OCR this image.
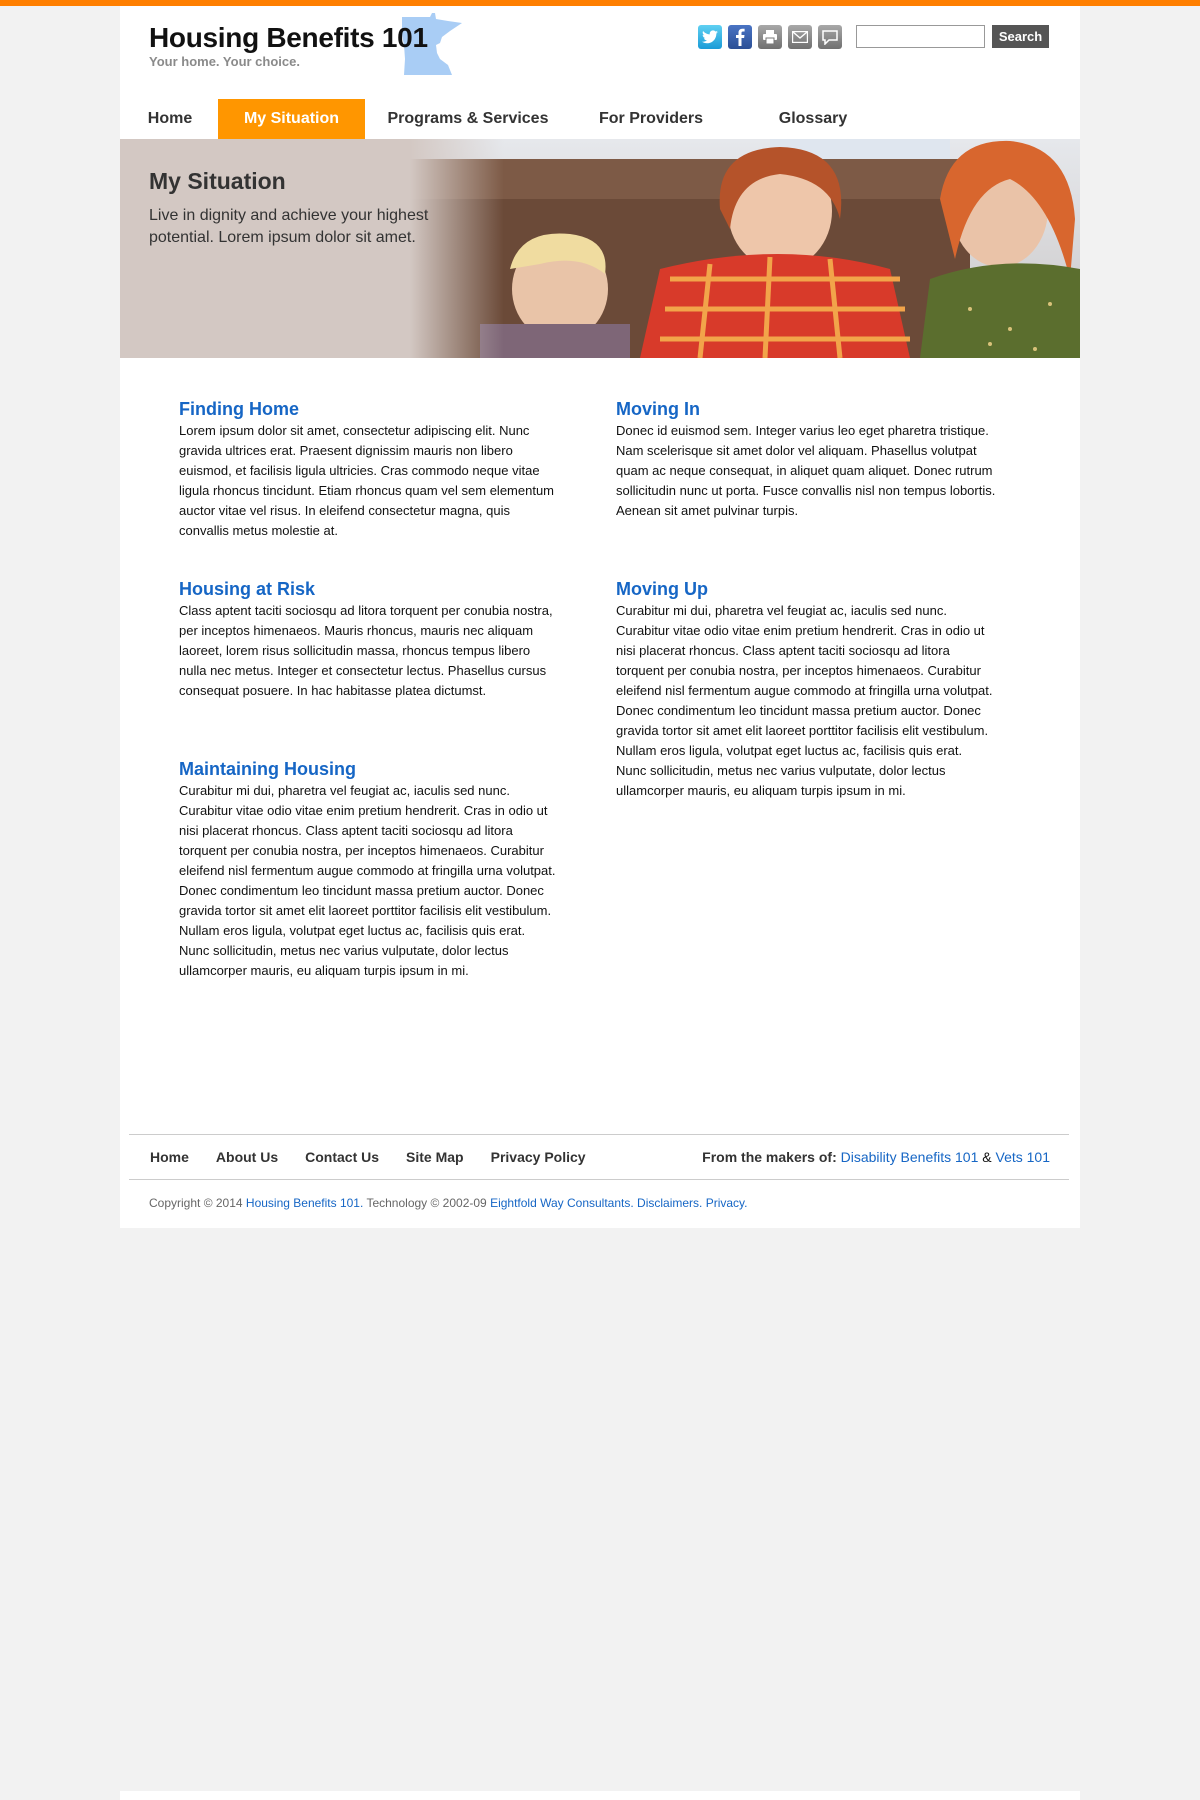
Housing Benefits 101
Your home. Your choice.
Search
Home	My Situation	Programs & Services	For Providers	Glossary
My Situation
Live in dignity and achieve your highest potential. Lorem ipsum dolor sit amet.
Finding Home

Lorem ipsum dolor sit amet, consectetur adipiscing elit. Nunc gravida ultrices erat. Praesent dignissim mauris non libero euismod, et facilisis ligula ultricies. Cras commodo neque vitae ligula rhoncus tincidunt. Etiam rhoncus quam vel sem elementum auctor vitae vel risus. In eleifend consectetur magna, quis convallis metus molestie at.

Moving In

Donec id euismod sem. Integer varius leo eget pharetra tristique. Nam scelerisque sit amet dolor vel aliquam. Phasellus volutpat quam ac neque consequat, in aliquet quam aliquet. Donec rutrum sollicitudin nunc ut porta. Fusce convallis nisl non tempus lobortis. Aenean sit amet pulvinar turpis.

Housing at Risk

Class aptent taciti sociosqu ad litora torquent per conubia nostra, per inceptos himenaeos. Mauris rhoncus, mauris nec aliquam laoreet, lorem risus sollicitudin massa, rhoncus tempus libero nulla nec metus. Integer et consectetur lectus. Phasellus cursus consequat posuere. In hac habitasse platea dictumst.

Moving Up

Curabitur mi dui, pharetra vel feugiat ac, iaculis sed nunc. Curabitur vitae odio vitae enim pretium hendrerit. Cras in odio ut nisi placerat rhoncus. Class aptent taciti sociosqu ad litora torquent per conubia nostra, per inceptos himenaeos. Curabitur eleifend nisl fermentum augue commodo at fringilla urna volutpat.

Donec condimentum leo tincidunt massa pretium auctor. Donec gravida tortor sit amet elit laoreet porttitor facilisis elit vestibulum. Nullam eros ligula, volutpat eget luctus ac, facilisis quis erat. Nunc sollicitudin, metus nec varius vulputate, dolor lectus ullamcorper mauris, eu aliquam turpis ipsum in mi.

Maintaining Housing

Curabitur mi dui, pharetra vel feugiat ac, iaculis sed nunc. Curabitur vitae odio vitae enim pretium hendrerit. Cras in odio ut nisi placerat rhoncus. Class aptent taciti sociosqu ad litora torquent per conubia nostra, per inceptos himenaeos. Curabitur eleifend nisl fermentum augue commodo at fringilla urna volutpat.

Donec condimentum leo tincidunt massa pretium auctor. Donec gravida tortor sit amet elit laoreet porttitor facilisis elit vestibulum. Nullam eros ligula, volutpat eget luctus ac, facilisis quis erat. Nunc sollicitudin, metus nec varius vulputate, dolor lectus ullamcorper mauris, eu aliquam turpis ipsum in mi.

Home About Us Contact Us Site Map Privacy Policy	From the makers of: Disability Benefits 101 & Vets 101
Copyright © 2014 Housing Benefits 101. Technology © 2002-09 Eightfold Way Consultants. Disclaimers. Privacy.
